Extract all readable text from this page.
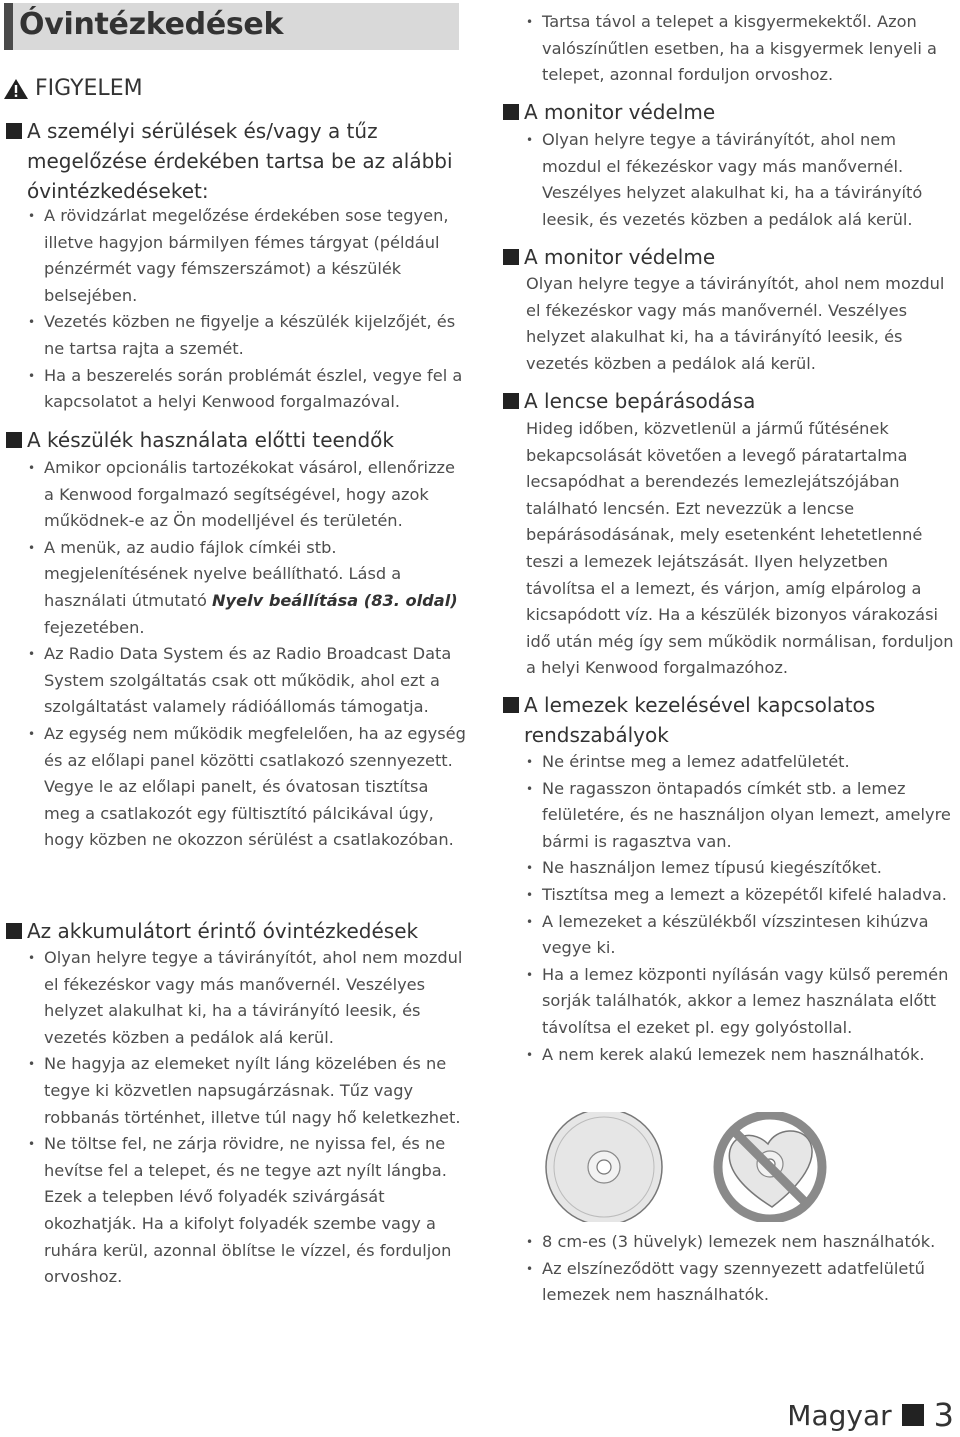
Óvintézkedések
FIGYELEM
A személyi sérülések és/vagy a tűz megelőzése érdekében tartsa be az alábbi óvintézkedéseket:
• A rövidzárlat megelőzése érdekében sose tegyen, illetve hagyjon bármilyen fémes tárgyat (például pénzérmét vagy fémszerszámot) a készülék belsejében.
• Vezetés közben ne figyelje a készülék kijelzőjét, és ne tartsa rajta a szemét.
• Ha a beszerelés során problémát észlel, vegye fel a kapcsolatot a helyi Kenwood forgalmazóval.
A készülék használata előtti teendők
• Amikor opcionális tartozékokat vásárol, ellenőrizze a Kenwood forgalmazó segítségével, hogy azok működnek-e az Ön modelljével és területén.
• A menük, az audio fájlok címkéi stb. megjelenítésének nyelve beállítható. Lásd a használati útmutató Nyelv beállítása (83. oldal) fejezetében.
• Az Radio Data System és az Radio Broadcast Data System szolgáltatás csak ott működik, ahol ezt a szolgáltatást valamely rádióállomás támogatja.
• Az egység nem működik megfelelően, ha az egység és az előlapi panel közötti csatlakozó szennyezett. Vegye le az előlapi panelt, és óvatosan tisztítsa meg a csatlakozót egy fültisztító pálcikával úgy, hogy közben ne okozzon sérülést a csatlakozóban.
Az akkumulátort érintő óvintézkedések
• Olyan helyre tegye a távirányítót, ahol nem mozdul el fékezéskor vagy más manővernél. Veszélyes helyzet alakulhat ki, ha a távirányító leesik, és vezetés közben a pedálok alá kerül.
• Ne hagyja az elemeket nyílt láng közelében és ne tegye ki közvetlen napsugárzásnak. Tűz vagy robbanás történhet, illetve túl nagy hő keletkezhet.
• Ne töltse fel, ne zárja rövidre, ne nyissa fel, és ne hevítse fel a telepet, és ne tegye azt nyílt lángba. Ezek a telepben lévő folyadék szivárgását okozhatják. Ha a kifolyt folyadék szembe vagy a ruhára kerül, azonnal öblítse le vízzel, és forduljon orvoshoz.
• Tartsa távol a telepet a kisgyermekektől. Azon valószínűtlen esetben, ha a kisgyermek lenyeli a telepet, azonnal forduljon orvoshoz.
A monitor védelme
• Olyan helyre tegye a távirányítót, ahol nem mozdul el fékezéskor vagy más manővernél. Veszélyes helyzet alakulhat ki, ha a távirányító leesik, és vezetés közben a pedálok alá kerül.
A monitor védelme
Olyan helyre tegye a távirányítót, ahol nem mozdul el fékezéskor vagy más manővernél. Veszélyes helyzet alakulhat ki, ha a távirányító leesik, és vezetés közben a pedálok alá kerül.
A lencse bepárásodása
Hideg időben, közvetlenül a jármű fűtésének bekapcsolását követően a levegő páratartalma lecsapódhat a berendezés lemezlejátszójában található lencsén. Ezt nevezzük a lencse bepárásodásának, mely esetenként lehetetlenné teszi a lemezek lejátszását. Ilyen helyzetben távolítsa el a lemezt, és várjon, amíg elpárolog a kicsapódott víz. Ha a készülék bizonyos várakozási idő után még így sem működik normálisan, forduljon a helyi Kenwood forgalmazóhoz.
A lemezek kezelésével kapcsolatos rendszabályok
• Ne érintse meg a lemez adatfelületét.
• Ne ragasszon öntapadós címkét stb. a lemez felületére, és ne használjon olyan lemezt, amelyre bármi is ragasztva van.
• Ne használjon lemez típusú kiegészítőket.
• Tisztítsa meg a lemezt a közepétől kifelé haladva.
• A lemezeket a készülékből vízszintesen kihúzva vegye ki.
• Ha a lemez központi nyílásán vagy külső peremén sorják találhatók, akkor a lemez használata előtt távolítsa el ezeket pl. egy golyóstollal.
• A nem kerek alakú lemezek nem használhatók.
• 8 cm-es (3 hüvelyk) lemezek nem használhatók.
• Az elszíneződött vagy szennyezett adatfelületű lemezek nem használhatók.
Magyar 3
